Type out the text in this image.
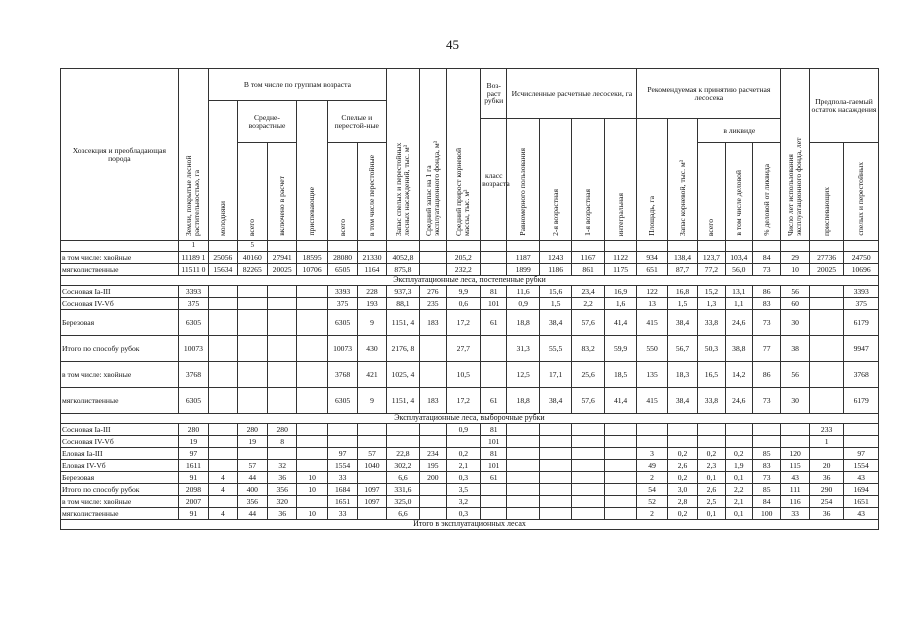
45
Хозсекция и преобладающая порода	Земли, покрытые лесной растительностью, га	В том числе по группам возраста						Запас спелых и перестойных лесных насаждений, тыс. м³	Средний запас на 1 га эксплуатационного фонда, м³	Средний прирост корневой массы, тыс. м³	Воз-раст рубки	Исчисленные расчетные лесосеки, га				Рекомендуемая к принятию расчетная лесосека					Число лет использования эксплуатационного фонда, лет	Предпола-гаемый остаток насаждения	
		молодняки	Средне-возрастные		приспевающие	Спелые и перестой-ные																	
											класс возраста	Равномерного пользования	2-я возрастная	1-я возрастная	интегральная	Площадь, га	Запас корневой, тыс. м³	в ликвиде					
			всего	включено в расчет		всего	в том числе перестойные											всего	в том числе деловой	% деловой от ликвида		приспевающих	спелых и перестойных
	1		5																				
в том числе: хвойные	11189 1	25056	40160	27941	18595	28080	21330	4052,8		205,2		1187	1243	1167	1122	934	138,4	123,7	103,4	84	29	27736	24750
мягколиственные	11511 0	15634	82265	20025	10706	6505	1164	875,8		232,2		1899	1186	861	1175	651	87,7	77,2	56,0	73	10	20025	10696
Эксплуатационные леса, постепенные рубки																							
Сосновая Iа-III	3393					3393	228	937,3	276	9,9	81	11,6	15,6	23,4	16,9	122	16,8	15,2	13,1	86	56		3393
Сосновая IV-Vб	375					375	193	88,1	235	0,6	101	0,9	1,5	2,2	1,6	13	1,5	1,3	1,1	83	60		375
Березовая	6305					6305	9	1151, 4	183	17,2	61	18,8	38,4	57,6	41,4	415	38,4	33,8	24,6	73	30		6179
Итого по способу рубок	10073					10073	430	2176, 8		27,7		31,3	55,5	83,2	59,9	550	56,7	50,3	38,8	77	38		9947
в том числе: хвойные	3768					3768	421	1025, 4		10,5		12,5	17,1	25,6	18,5	135	18,3	16,5	14,2	86	56		3768
мягколиственные	6305					6305	9	1151, 4	183	17,2	61	18,8	38,4	57,6	41,4	415	38,4	33,8	24,6	73	30		6179
Эксплуатационные леса, выборочные рубки																							
Сосновая Iа-III	280		280	280						0,9	81											233	
Сосновая IV-Vб	19		19	8							101											1	
Еловая Iа-III	97					97	57	22,8	234	0,2	81					3	0,2	0,2	0,2	85	120		97
Еловая IV-Vб	1611		57	32		1554	1040	302,2	195	2,1	101					49	2,6	2,3	1,9	83	115	20	1554
Березовая	91	4	44	36	10	33		6,6	200	0,3	61					2	0,2	0,1	0,1	73	43	36	43
Итого по способу рубок	2098	4	400	356	10	1684	1097	331,6		3,5						54	3,0	2,6	2,2	85	111	290	1694
в том числе: хвойные	2007		356	320		1651	1097	325,0		3,2						52	2,8	2,5	2,1	84	116	254	1651
мягколиственные	91	4	44	36	10	33		6,6		0,3						2	0,2	0,1	0,1	100	33	36	43
Итого в эксплуатационных лесах																							
